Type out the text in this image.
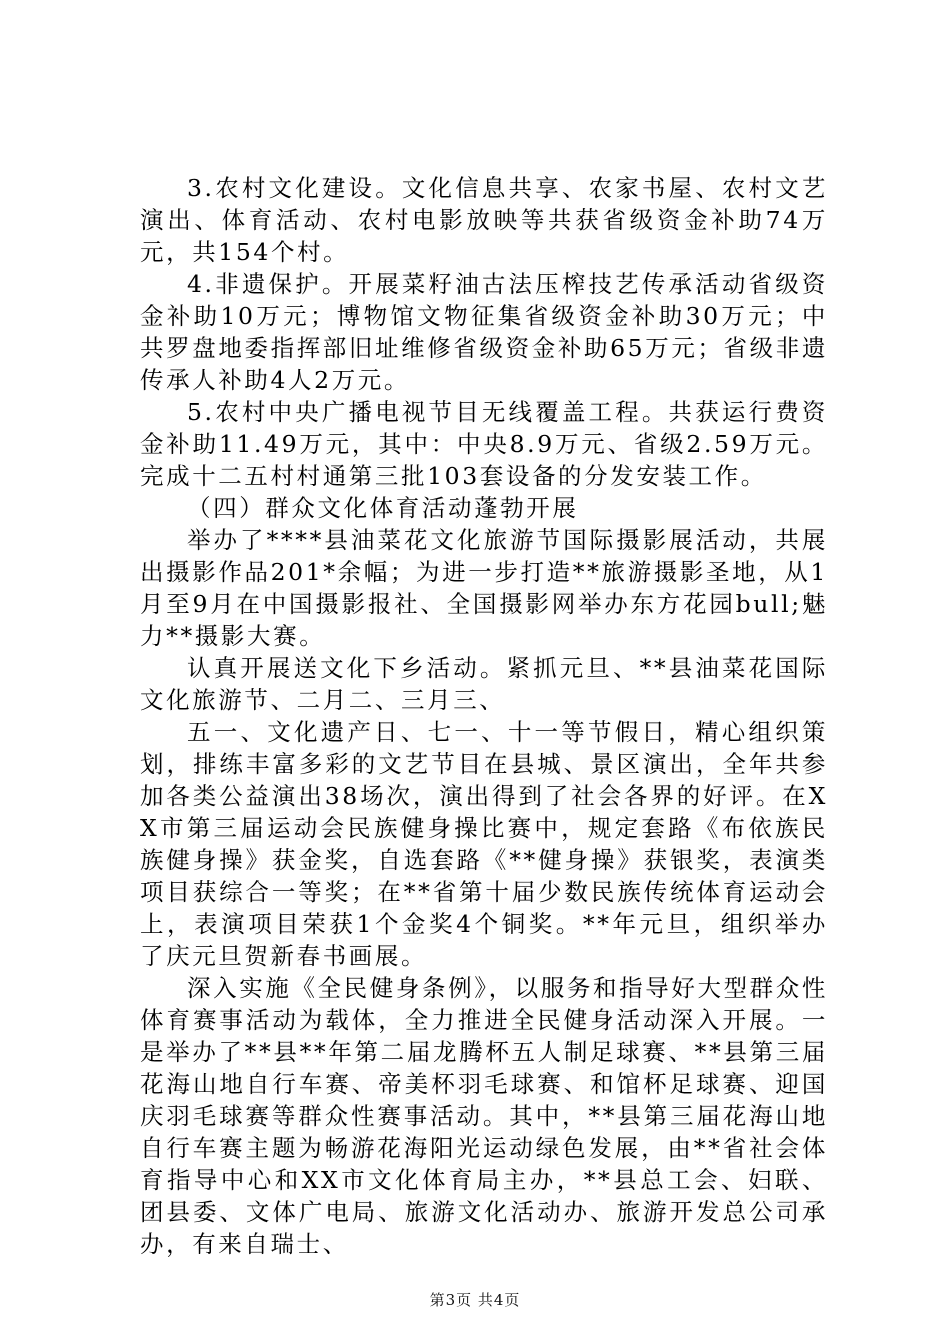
3.农村文化建设。文化信息共享、农家书屋、农村文艺演出、体育活动、农村电影放映等共获省级资金补助74万元，共154个村。

4.非遗保护。开展菜籽油古法压榨技艺传承活动省级资金补助10万元；博物馆文物征集省级资金补助30万元；中共罗盘地委指挥部旧址维修省级资金补助65万元；省级非遗传承人补助4人2万元。

5.农村中央广播电视节目无线覆盖工程。共获运行费资金补助11.49万元，其中：中央8.9万元、省级2.59万元。完成十二五村村通第三批103套设备的分发安装工作。

（四）群众文化体育活动蓬勃开展

举办了****县油菜花文化旅游节国际摄影展活动，共展出摄影作品201*余幅；为进一步打造**旅游摄影圣地，从1月至9月在中国摄影报社、全国摄影网举办东方花园bull;魅力**摄影大赛。

认真开展送文化下乡活动。紧抓元旦、**县油菜花国际文化旅游节、二月二、三月三、

五一、文化遗产日、七一、十一等节假日，精心组织策划，排练丰富多彩的文艺节目在县城、景区演出，全年共参加各类公益演出38场次，演出得到了社会各界的好评。在XX市第三届运动会民族健身操比赛中，规定套路《布依族民族健身操》获金奖，自选套路《**健身操》获银奖，表演类项目获综合一等奖；在**省第十届少数民族传统体育运动会上，表演项目荣获1个金奖4个铜奖。**年元旦，组织举办了庆元旦贺新春书画展。

深入实施《全民健身条例》，以服务和指导好大型群众性体育赛事活动为载体，全力推进全民健身活动深入开展。一是举办了**县**年第二届龙腾杯五人制足球赛、**县第三届花海山地自行车赛、帝美杯羽毛球赛、和馆杯足球赛、迎国庆羽毛球赛等群众性赛事活动。其中，**县第三届花海山地自行车赛主题为畅游花海阳光运动绿色发展，由**省社会体育指导中心和XX市文化体育局主办，**县总工会、妇联、团县委、文体广电局、旅游文化活动办、旅游开发总公司承办，有来自瑞士、

第3页 共4页
